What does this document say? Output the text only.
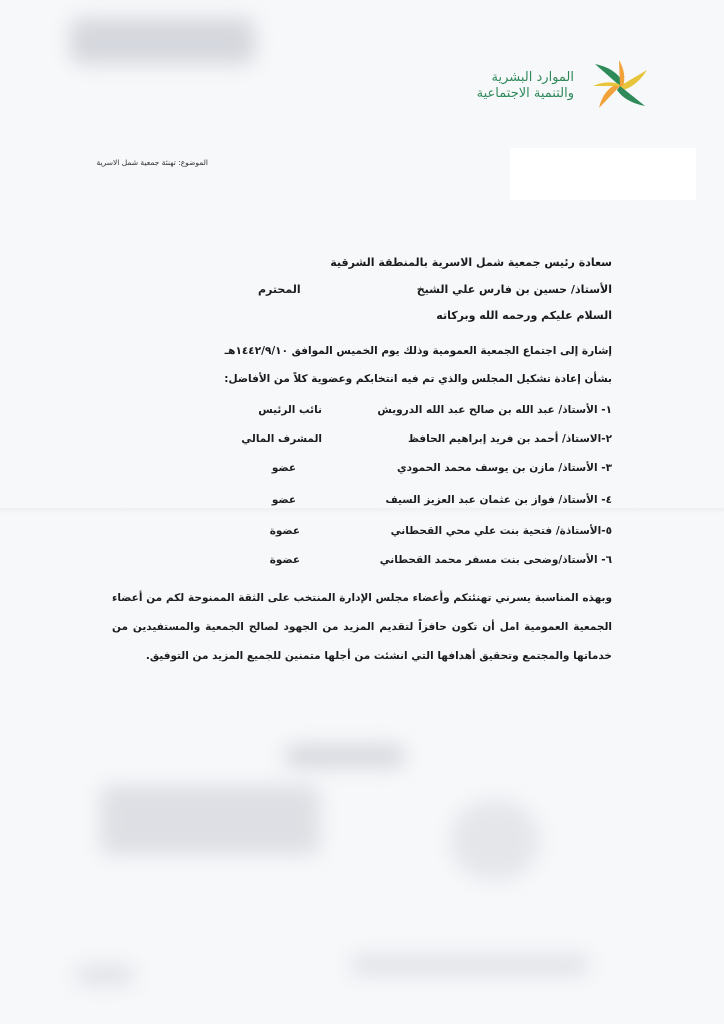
الموارد البشرية
والتنمية الاجتماعية
الموضوع: تهنئة جمعية شمل الاسرية
سعادة رئيس جمعية شمل الاسرية بالمنطقة الشرقية
الأستاذ/ حسين بن فارس علي الشيخ
المحترم
السلام عليكم ورحمه الله وبركاته
إشارة إلى اجتماع الجمعية العمومية وذلك يوم الخميس الموافق ١٤٤٢/٩/١٠هـ
بشأن إعادة تشكيل المجلس والذي تم فيه انتخابكم وعضوية كلاً من الأفاضل:
١- الأستاذ/ عبد الله بن صالح عبد الله الدرويش
نائب الرئيس
٢-الاستاذ/ أحمد بن فريد إبراهيم الحافظ
المشرف المالي
٣- الأستاذ/ مازن بن يوسف محمد الحمودي
عضو
٤- الأستاذ/ فواز بن عثمان عبد العزيز السيف
عضو
٥-الأستاذة/ فتحية بنت علي محي القحطاني
عضوة
٦- الأستاذ/وضحى بنت مسفر محمد القحطاني
عضوة
وبهذه المناسبة يسرني تهنئتكم وأعضاء مجلس الإدارة المنتخب على الثقة الممنوحة لكم من أعضاء الجمعية العمومية امل أن تكون حافزاً لتقديم المزيد من الجهود لصالح الجمعية والمستفيدين من خدماتها والمجتمع وتحقيق أهدافها التي انشئت من أجلها متمنين للجميع المزيد من التوفيق.
